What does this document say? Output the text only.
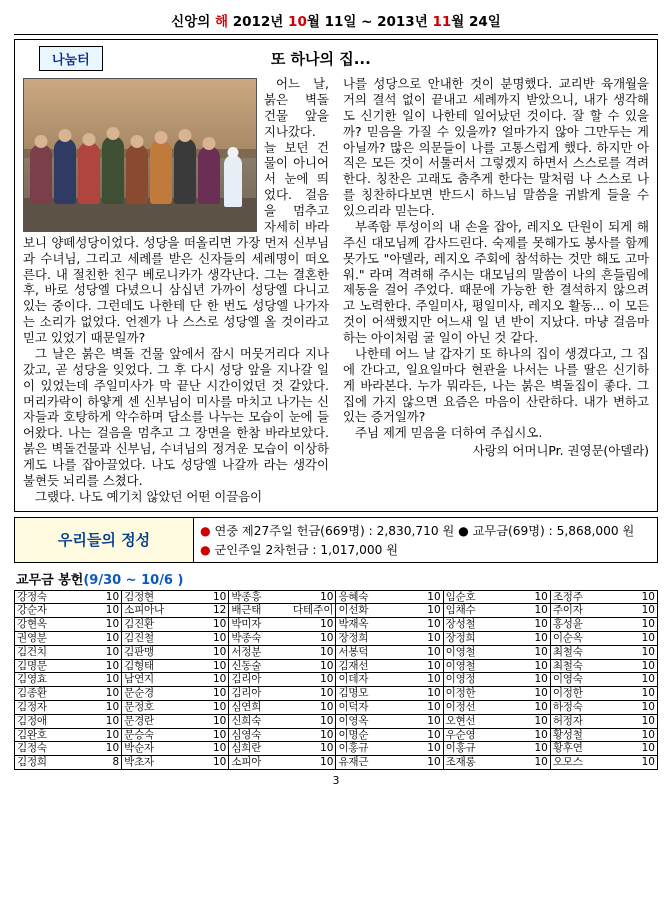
신앙의 해 2012년 10월 11일 ~ 2013년 11월 24일
나눔터	또 하나의 집...

어느 날, 붉은 벽돌 건물 앞을 지나갔다. 늘 보던 건물이 아니어서 눈에 띄었다. 걸음을 멈추고 자세히 바라보니 양떼성당이었다. 성당을 떠올리면 가장 먼저 신부님과 수녀님, 그리고 세례를 받은 신자들의 세례명이 떠오른다. 내 절친한 친구 베로니카가 생각난다. 그는 결혼한 후, 바로 성당엘 다녔으니 삼십년 가까이 성당엘 다니고 있는 중이다. 그런데도 나한테 단 한 번도 성당엘 나가자는 소리가 없었다. 언젠가 나 스스로 성당엘 올 것이라고 믿고 있었기 때문일까?

그 날은 붉은 벽돌 건물 앞에서 잠시 머뭇거리다 지나갔고, 곧 성당을 잊었다. 그 후 다시 성당 앞을 지나갈 일이 있었는데 주일미사가 막 끝난 시간이었던 것 같았다. 머리카락이 하얗게 센 신부님이 미사를 마치고 나가는 신자들과 호탕하게 악수하며 담소를 나누는 모습이 눈에 들어왔다. 나는 걸음을 멈추고 그 장면을 한참 바라보았다. 붉은 벽돌건물과 신부님, 수녀님의 정겨운 모습이 이상하게도 나를 잡아끌었다. 나도 성당엘 나갈까 라는 생각이 불현듯 뇌리를 스쳤다.

그랬다. 나도 예기치 않았던 어떤 이끌음이

나를 성당으로 안내한 것이 분명했다. 교리반 육개월을 거의 결석 없이 끝내고 세례까지 받았으니, 내가 생각해도 신기한 일이 나한테 일어났던 것이다. 잘 할 수 있을까? 믿음을 가질 수 있을까? 얼마가지 않아 그만두는 게 아닐까? 많은 의문들이 나를 고통스럽게 했다. 하지만 아직은 모든 것이 서툴러서 그렇겠지 하면서 스스로를 격려한다. 칭찬은 고래도 춤추게 한다는 말처럼 나 스스로 나를 칭찬하다보면 반드시 하느님 말씀을 귀밝게 들을 수 있으리라 믿는다.

부족함 투성이의 내 손을 잡아, 레지오 단원이 되게 해 주신 대모님께 감사드린다. 숙제를 못해가도 봉사를 함께 못가도 "아델라, 레지오 주회에 참석하는 것만 해도 고마워." 라며 격려해 주시는 대모님의 말씀이 나의 흔들림에 제동을 걸어 주었다. 때문에 가능한 한 결석하지 않으려고 노력한다. 주일미사, 평일미사, 레지오 활동... 이 모든 것이 어색했지만 어느새 일 년 반이 지났다. 마냥 걸음마 하는 아이처럼 굴 일이 아닌 것 같다.

나한테 어느 날 갑자기 또 하나의 집이 생겼다고, 그 집에 간다고, 일요일마다 현관을 나서는 나를 딸은 신기하게 바라본다. 누가 뭐라든, 나는 붉은 벽돌집이 좋다. 그 집에 가지 않으면 요즘은 마음이 산란하다. 내가 변하고 있는 증거일까?

주님 제게 믿음을 더하여 주십시오.

사랑의 어머니Pr. 권영문(아델라)
우리들의 정성
● 연중 제27주일 헌금(669명) : 2,830,710 원 ● 교무금(69명) : 5,868,000 원
● 군인주일 2차헌금 : 1,017,000 원
교무금 봉헌(9/30 ~ 10/6 )
강정숙	10 김정현	10 박종흥	10 응혜숙	10 임순호	10 조정주	10
강순자	10 소피아나	12 배근태	다테주이 이선화	10 임채수	10 주이자	10
강현옥	10 김진환	10 박미자	10 박재옥	10 장성철	10 홍성윤	10
권영분	10 김진철	10 박종숙	10 장정희	10 장정희	10 이순옥	10
김건치	10 김판맹	10 서정분	10 서봉덕	10 이영철	10 최철숙	10
김명문	10 김형태	10 신동술	10 김재선	10 이영철	10 최철숙	10
김영효	10 남연지	10 김리아	10 이데자	10 이영정	10 이영숙	10
김종환	10 문순경	10 김리아	10 김명모	10 이정한	10 이정한	10
김정자	10 문정호	10 심연희	10 이덕자	10 이정선	10 하정숙	10
김정애	10 문경란	10 신희숙	10 이영옥	10 오현선	10 허정자	10
김완호	10 문승숙	10 심영숙	10 이명순	10 우순영	10 황성철	10
김정숙	10 박순자	10 심희란	10 이홍규	10 이홍규	10 황후연	10
김정희	8 박초자	10 소피아	10 유재근	10 조재롱	10 오모스	10
3
